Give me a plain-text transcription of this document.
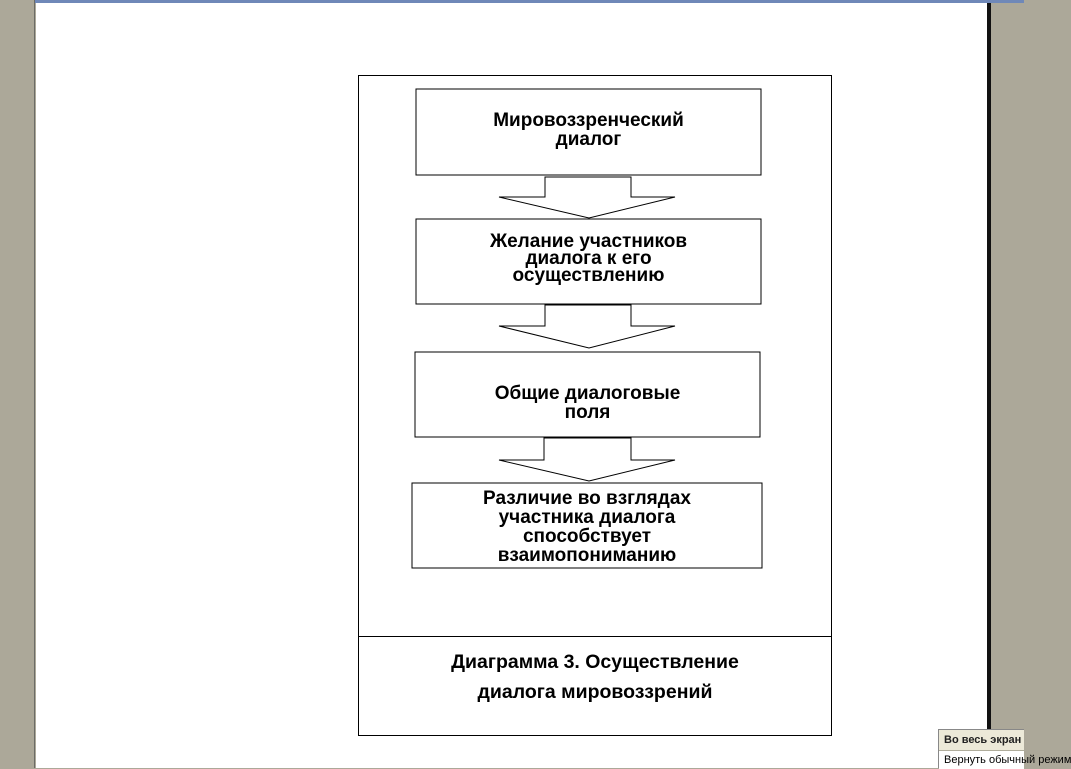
Мировоззренческий
диалог
Желание участников
диалога к его
осуществлению
Общие диалоговые
поля
Различие во взглядах
участника диалога
способствует
взаимопониманию
Диаграмма 3. Осуществление
диалога мировоззрений
Во весь экран
Вернуть обычный режим
